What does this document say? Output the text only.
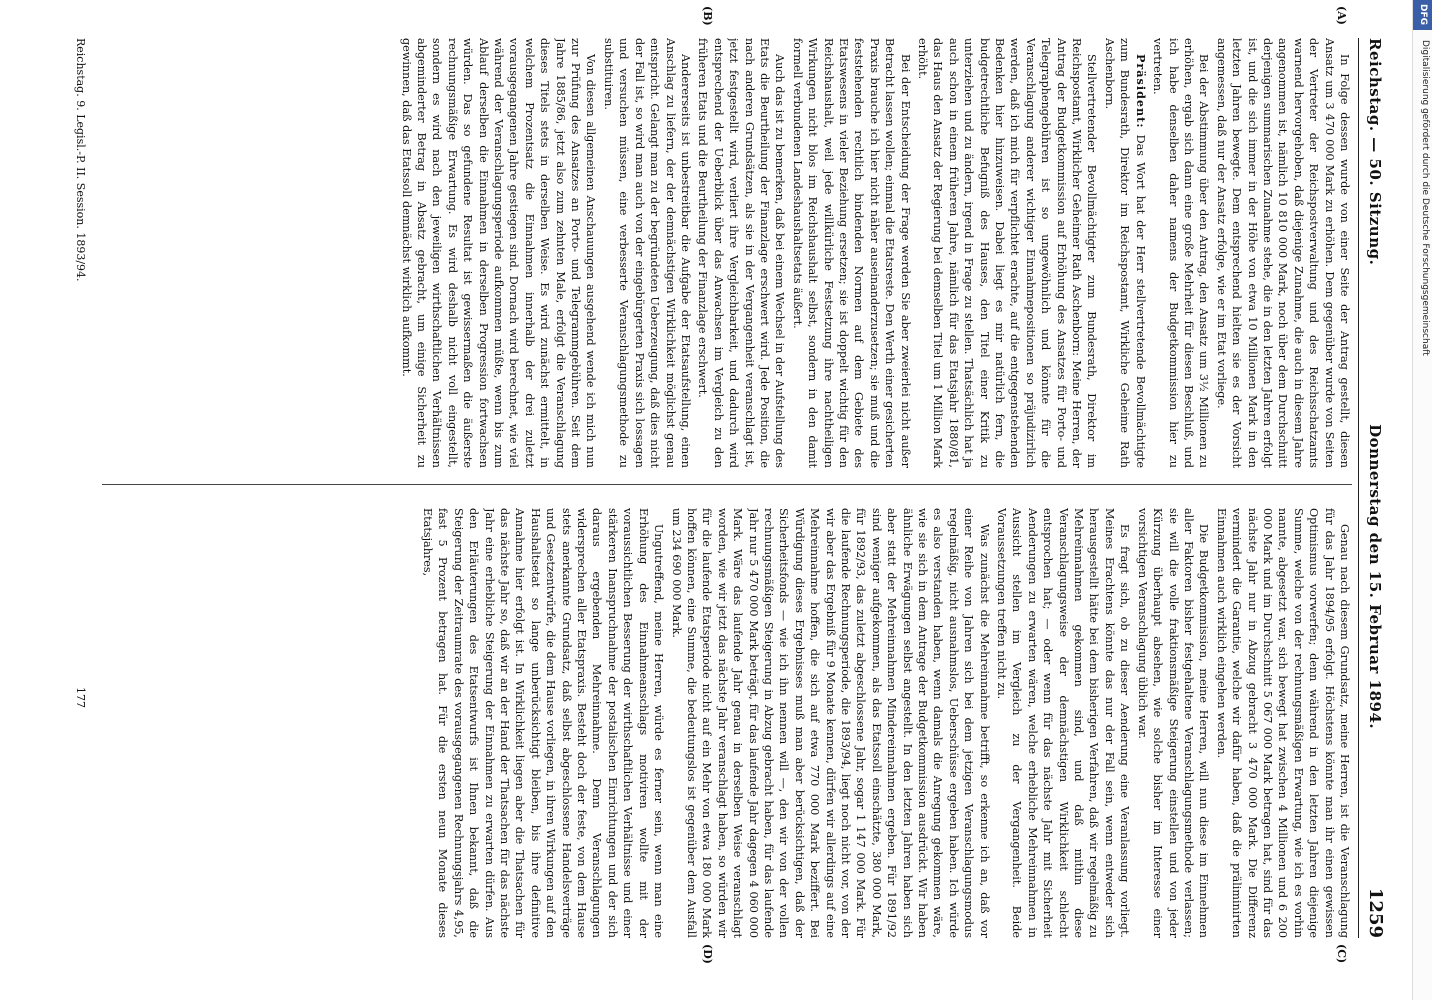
DFG
Digitalisierung gefördert durch die Deutsche Forschungsgemeinschaft
Reichstag. — 50. Sitzung.
Donnerstag den 15. Februar 1894.
1259
(A)
(B)
(C)
(D)

In Folge dessen wurde von einer Seite der Antrag gestellt, diesen Ansatz um 3 470 000 Mark zu erhöhen. Dem gegenüber wurde von Seiten der Vertreter der Reichspostverwaltung und des Reichsschatzamts warnend hervorgehoben, daß diejenige Zunahme, die auch in diesem Jahre angenommen ist, nämlich 10 810 000 Mark, noch über dem Durchschnitt derjenigen summarischen Zunahme stehe, die in den letzten Jahren erfolgt ist, und die sich immer in der Höhe von etwa 10 Millionen Mark in den letzten Jahren bewegte. Dem entsprechend hielten sie es der Vorsicht angemessen, daß nur der Ansatz erfolge, wie er im Etat vorliege.

Bei der Abstimmung über den Antrag, den Ansatz um 3½ Millionen zu erhöhen, ergab sich dann eine große Mehrheit für diesen Beschluß, und ich habe denselben daher namens der Budgetkommission hier zu vertreten.

Präsident: Das Wort hat der Herr stellvertretende Bevollmächtigte zum Bundesrath, Direktor im Reichspostamt, Wirkliche Geheime Rath Aschenborn.

Stellvertretender Bevollmächtigter zum Bundesrath, Direktor im Reichspostamt, Wirklicher Geheimer Rath Aschenborn: Meine Herren, der Antrag der Budgetkommission auf Erhöhung des Ansatzes für Porto- und Telegraphengebühren ist so ungewöhnlich und könnte für die Veranschlagung anderer wichtiger Einnahmepositionen so präjudizirlich werden, daß ich mich für verpflichtet erachte, auf die entgegenstehenden Bedenken hier hinzuweisen. Dabei liegt es mir natürlich fern, die budgetrechtliche Befugniß des Hauses, den Titel einer Kritik zu unterziehen und zu ändern, irgend in Frage zu stellen. Thatsächlich hat ja auch schon in einem früheren Jahre, nämlich für das Etatsjahr 1880/81, das Haus den Ansatz der Regierung bei demselben Titel um 1 Million Mark erhöht.

Bei der Entscheidung der Frage werden Sie aber zweierlei nicht außer Betracht lassen wollen; einmal die Etatsreste. Den Werth einer gesicherten Praxis brauche ich hier nicht näher auseinanderzusetzen; sie muß und die feststehenden rechtlich bindenden Normen auf dem Gebiete des Etatswesens in vieler Beziehung ersetzen; sie ist doppelt wichtig für den Reichshaushalt, weil jede willkürliche Festsetzung ihre nachtheiligen Wirkungen nicht blos im Reichshaushalt selbst, sondern in den damit formell verbundenen Landeshaushaltsetats äußert.

Auch das ist zu bemerken, daß bei einem Wechsel in der Aufstellung des Etats die Beurtheilung der Finanzlage erschwert wird. Jede Position, die nach anderen Grundsätzen, als sie in der Vergangenheit veranschlagt ist, jetzt festgestellt wird, verliert ihre Vergleichbarkeit, und dadurch wird entsprechend der Ueberblick über das Anwachsen im Vergleich zu den früheren Etats und die Beurtheilung der Finanzlage erschwert.

Andererseits ist unbestreitbar die Aufgabe der Etatsaufstellung, einen Anschlag zu liefern, der der demnächstigen Wirklichkeit möglichst genau entspricht. Gelangt man zu der begründeten Ueberzeugung, daß dies nicht der Fall ist, so wird man auch von der eingebürgerten Praxis sich lossagen und versuchen müssen, eine verbesserte Veranschlagungsmethode zu substituiren.

Von diesen allgemeinen Anschauungen ausgehend wende ich mich nun zur Prüfung des Ansatzes an Porto- und Telegrammgebühren. Seit dem Jahre 1885/86, jetzt also zum zehnten Male, erfolgt die Veranschlagung dieses Titels stets in derselben Weise. Es wird zunächst ermittelt, in welchem Prozentsatz die Einnahmen innerhalb der drei zuletzt vorausgegangenen Jahre gestiegen sind. Dornach wird berechnet, wie viel während der Veranschlagungsperiode aufkommen müßte, wenn bis zum Ablauf derselben die Einnahmen in derselben Progression fortwachsen würden. Das so gefundene Resultat ist gewissermaßen die äußerste rechnungsmäßige Erwartung. Es wird deshalb nicht voll eingestellt, sondern es wird nach den jeweiligen wirthschaftlichen Verhältnissen abgeminderter Betrag in Absatz gebracht, um einige Sicherheit zu gewinnen, daß das Etatssoll demnächst wirklich aufkommt.

Genau nach diesem Grundsatz, meine Herren, ist die Veranschlagung für das Jahr 1894/95 erfolgt. Höchstens könnte man ihr einen gewissen Optimismus vorwerfen; denn während in den letzten Jahren diejenige Summe, welche von der rechnungsmäßigen Erwartung, wie ich es vorhin nannte, abgesetzt war, sich bewegt hat zwischen 4 Millionen und 6 200 000 Mark und im Durchschnitt 5 067 000 Mark betragen hat, sind für das nächste Jahr nur in Abzug gebracht 3 470 000 Mark. Die Differenz vermindert die Garantie, welche wir dafür haben, daß die präliminirten Einnahmen auch wirklich eingehen werden.

Die Budgetkommission, meine Herren, will nun diese im Einnehmen aller Faktoren bisher festgehaltene Veranschlagungsmethode verlassen; sie will die volle fraktionsmäßige Steigerung einstellen und von jeder Kürzung überhaupt absehen, wie solche bisher im Interesse einer vorsichtigen Veranschlagung üblich war.

Es fragt sich, ob zu dieser Aenderung eine Veranlassung vorliegt. Meines Erachtens könnte das nur der Fall sein, wenn entweder sich herausgestellt hätte bei dem bisherigen Verfahren, daß wir regelmäßig zu Mehreinnahmen gekommen sind, und daß mithin diese Veranschlagungsweise der demnächstigen Wirklichkeit schlecht entsprochen hat; — oder wenn für das nächste Jahr mit Sicherheit Aenderungen zu erwarten wären, welche erhebliche Mehreinnahmen in Aussicht stellen im Vergleich zu der Vergangenheit. Beide Voraussetzungen treffen nicht zu.

Was zunächst die Mehreinnahme betrifft, so erkenne ich an, daß vor einer Reihe von Jahren sich bei dem jetzigen Veranschlagungsmodus regelmäßig, nicht ausnahmslos, Ueberschüsse ergeben haben. Ich würde es also verstanden haben, wenn damals die Anregung gekommen wäre, wie sie sich in dem Antrage der Budgetkommission ausdrückt. Wir haben ähnliche Erwägungen selbst angestellt. In den letzten Jahren haben sich aber statt der Mehreinnahmen Mindereinnahmen ergeben. Für 1891/92 sind weniger aufgekommen, als das Etatssoll einschätzte, 380 000 Mark, für 1892/93, das zuletzt abgeschlossene Jahr, sogar 1 147 000 Mark. Für die laufende Rechnungsperiode, die 1893/94, liegt noch nicht vor, von der wir aber das Ergebniß für 9 Monate kennen, dürfen wir allerdings auf eine Mehreinnahme hoffen, die sich auf etwa 770 000 Mark beziffert. Bei Würdigung dieses Ergebnisses muß man aber berücksichtigen, daß der Sicherheitsfonds — wie ich ihn nennen will —, den wir von der vollen rechnungsmäßigen Steigerung in Abzug gebracht haben, für das laufende Jahr nur 5 470 000 Mark beträgt, für das laufende Jahr dagegen 4 060 000 Mark. Wäre das laufende Jahr genau in derselben Weise veranschlagt worden, wie wir jetzt das nächste Jahr veranschlagt haben, so würden wir für die laufende Etatsperiode nicht auf ein Mehr von etwa 180 000 Mark hoffen können, eine Summe, die bedeutungslos ist gegenüber dem Ausfall um 234 690 000 Mark.

Ungutreffend, meine Herren, würde es ferner sein, wenn man eine Erhöhung des Einnahmeanschlags motiviren wollte mit der voraussichtlichen Besserung der wirthschaftlichen Verhältnisse und einer stärkeren Inanspruchnahme der postalischen Einrichtungen und der sich daraus ergebenden Mehreinnahme. Denn Veranschlagungen widersprechen aller Etatspraxis. Besteht doch der feste, von dem Hause stets anerkannte Grundsatz, daß selbst abgeschlossene Handelsverträge und Gesetzentwürfe, die dem Hause vorliegen, in ihren Wirkungen auf den Haushaltsetat so lange unberücksichtigt bleiben, bis ihre definitive Annahme hier erfolgt ist. In Wirklichkeit liegen aber die Thatsachen für das nächste Jahr so, daß wir an der Hand der Thatsachen für das nächste Jahr eine erhebliche Steigerung der Einnahmen zu erwarten dürfen. Aus den Erläuterungen des Etatsentwurfs ist Ihnen bekannt, daß die Steigerung der Zeitraumrate des vorausgegangenen Rechnungsjahrs 4,95, fast 5 Prozent betragen hat. Für die ersten neun Monate dieses Etatsjahres,

Reichstag. 9. Legisl.-P. II. Session. 1893/94.
177
